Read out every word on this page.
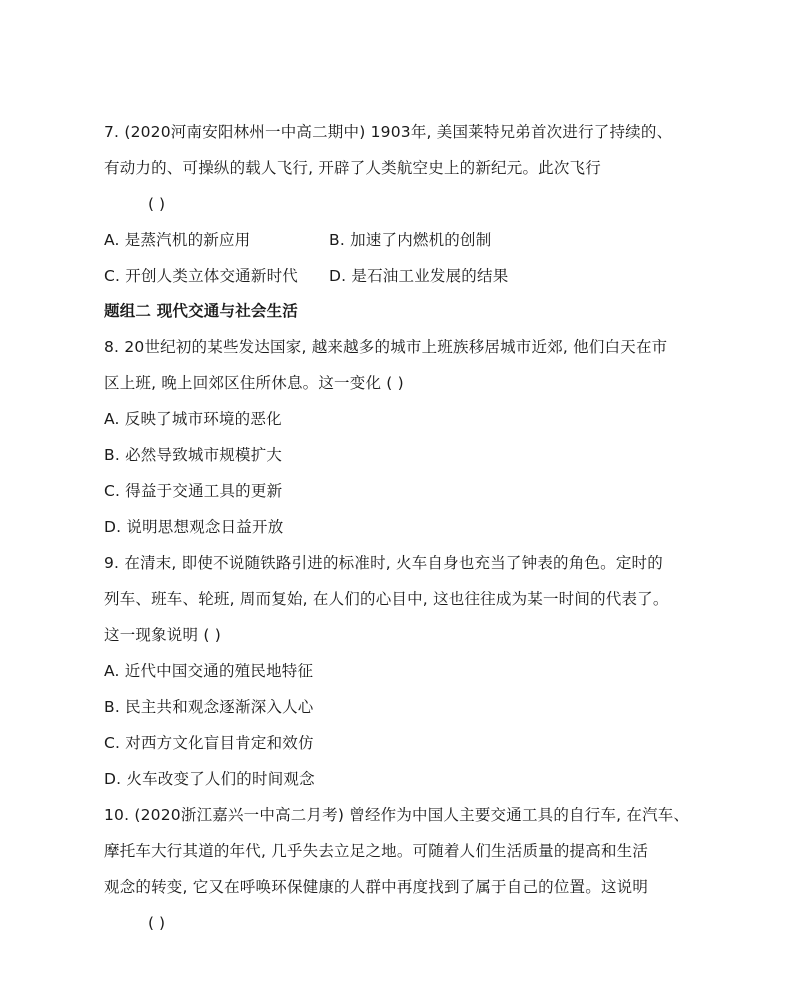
7. (2020河南安阳林州一中高二期中) 1903年, 美国莱特兄弟首次进行了持续的、
有动力的、可操纵的载人飞行, 开辟了人类航空史上的新纪元。此次飞行
( )
A. 是蒸汽机的新应用	B. 加速了内燃机的创制
C. 开创人类立体交通新时代 D. 是石油工业发展的结果
题组二 现代交通与社会生活
8. 20世纪初的某些发达国家, 越来越多的城市上班族移居城市近郊, 他们白天在市
区上班, 晚上回郊区住所休息。这一变化 ( )
A. 反映了城市环境的恶化
B. 必然导致城市规模扩大
C. 得益于交通工具的更新
D. 说明思想观念日益开放
9. 在清末, 即使不说随铁路引进的标准时, 火车自身也充当了钟表的角色。定时的
列车、班车、轮班, 周而复始, 在人们的心目中, 这也往往成为某一时间的代表了。
这一现象说明 ( )
A. 近代中国交通的殖民地特征
B. 民主共和观念逐渐深入人心
C. 对西方文化盲目肯定和效仿
D. 火车改变了人们的时间观念
10. (2020浙江嘉兴一中高二月考) 曾经作为中国人主要交通工具的自行车, 在汽车、
摩托车大行其道的年代, 几乎失去立足之地。可随着人们生活质量的提高和生活
观念的转变, 它又在呼唤环保健康的人群中再度找到了属于自己的位置。这说明
( )
